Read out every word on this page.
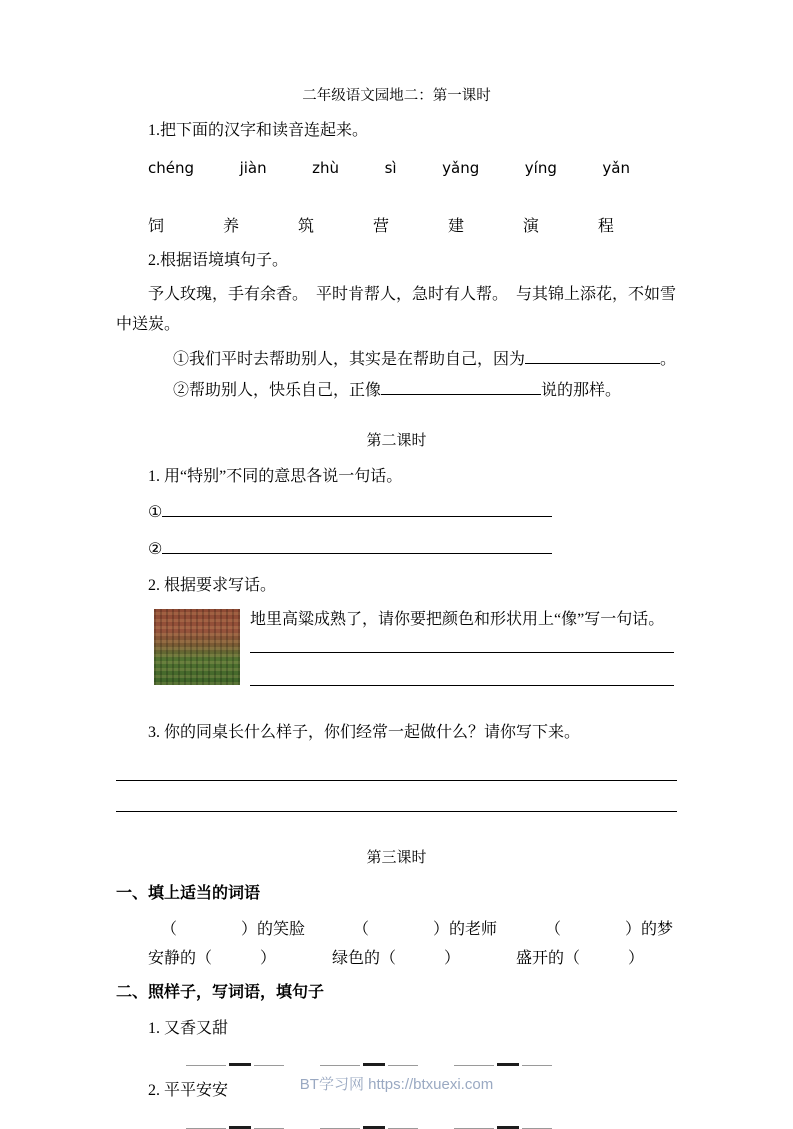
二年级语文园地二：第一课时

1.把下面的汉字和读音连起来。

chéng	jiàn	zhù	sì	yǎng	yíng	yǎn
饲	养	筑	营	建	演	程

2.根据语境填句子。

予人玫瑰，手有余香。　平时肯帮人，急时有人帮。　与其锦上添花，不如雪中送炭。

①我们平时去帮助别人，其实是在帮助自己，因为	。

②帮助别人，快乐自己，正像	说的那样。

第二课时

1. 用“特别”不同的意思各说一句话。

①

②

2. 根据要求写话。

地里高粱成熟了，请你要把颜色和形状用上“像”写一句话。

3. 你的同桌长什么样子，你们经常一起做什么？请你写下来。

第三课时

一、填上适当的词语

（　　　　）的笑脸	（　　　　）的老师	（　　　　）的梦
安静的（　　　）	绿色的（　　　）	盛开的（　　　）

二、照样子，写词语，填句子

1. 又香又甜

2. 平平安安	BT学习网 https://btxuexi.com
